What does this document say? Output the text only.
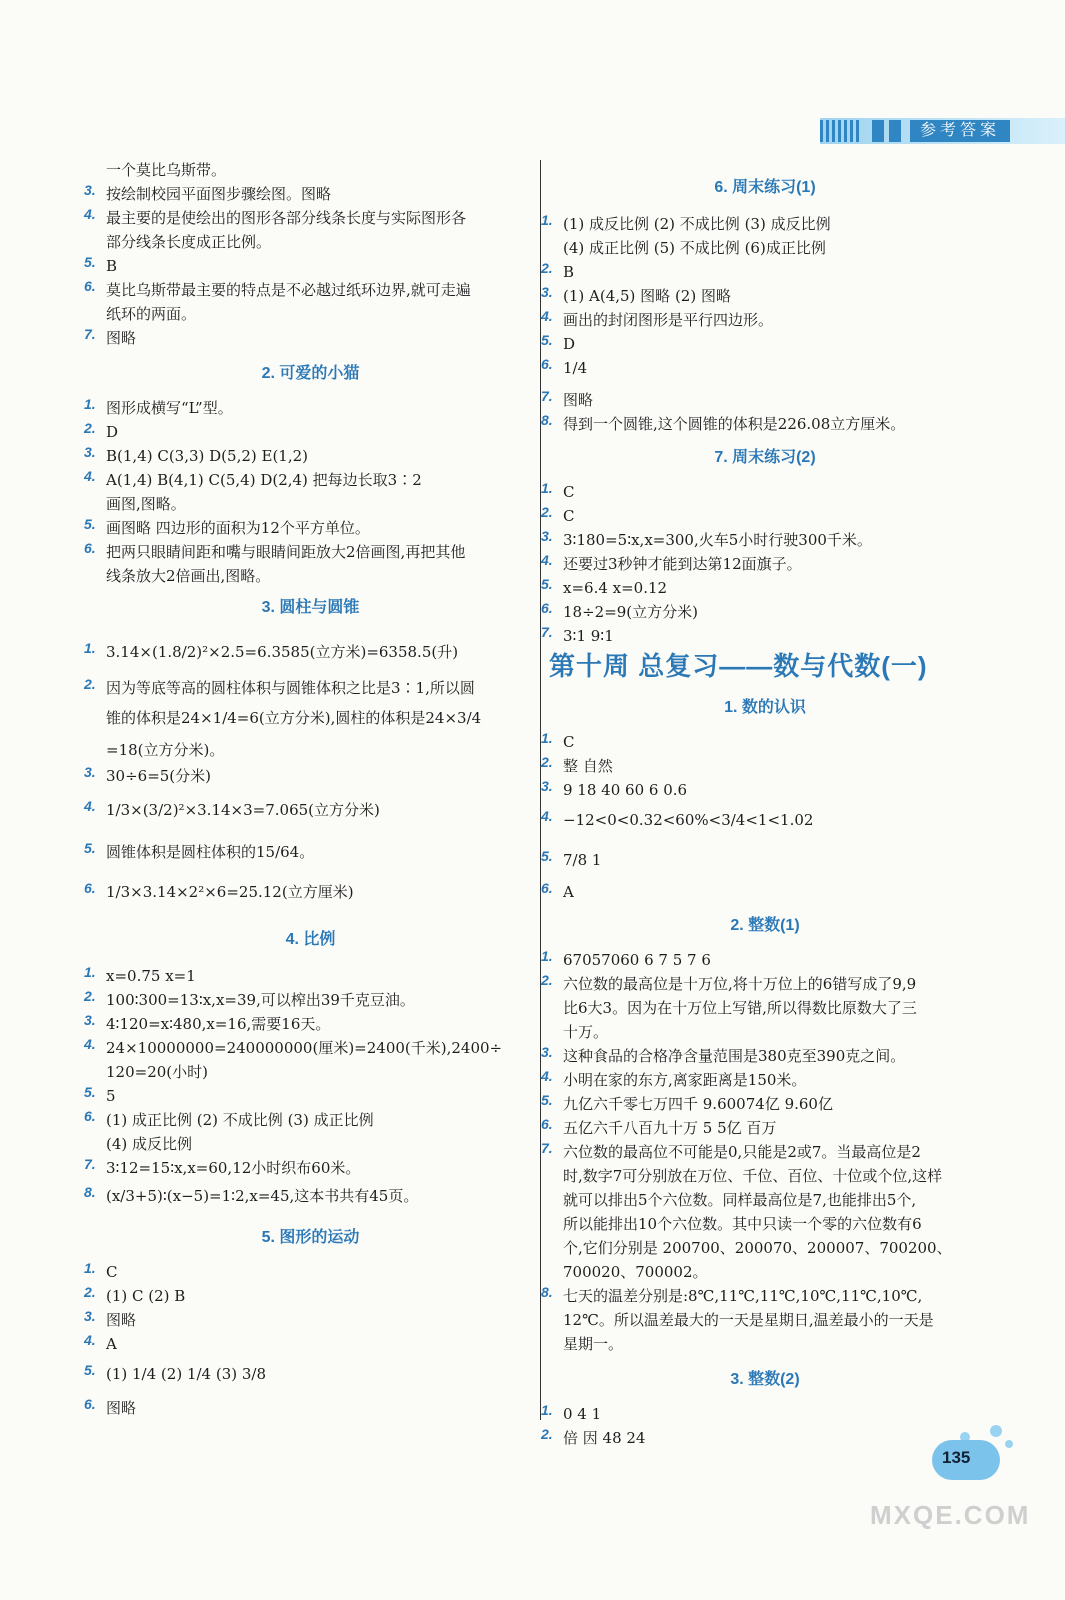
参考答案
一个莫比乌斯带。
3. 按绘制校园平面图步骤绘图。图略
4. 最主要的是使绘出的图形各部分线条长度与实际图形各
部分线条长度成正比例。
5. B
6. 莫比乌斯带最主要的特点是不必越过纸环边界,就可走遍
纸环的两面。
7. 图略
2. 可爱的小猫
1. 图形成横写“L”型。
2. D
3. B(1,4) C(3,3) D(5,2) E(1,2)
4. A(1,4) B(4,1) C(5,4) D(2,4) 把每边长取3∶2
画图,图略。
5. 画图略 四边形的面积为12个平方单位。
6. 把两只眼睛间距和嘴与眼睛间距放大2倍画图,再把其他
线条放大2倍画出,图略。
3. 圆柱与圆锥
1. 3.14×(1.8/2)²×2.5=6.3585(立方米)=6358.5(升)
2. 因为等底等高的圆柱体积与圆锥体积之比是3∶1,所以圆
锥的体积是24×1/4=6(立方分米),圆柱的体积是24×3/4
=18(立方分米)。
3. 30÷6=5(分米)
4. 1/3×(3/2)²×3.14×3=7.065(立方分米)
5. 圆锥体积是圆柱体积的15/64。
6. 1/3×3.14×2²×6=25.12(立方厘米)
4. 比例
1. x=0.75 x=1
2. 100∶300=13∶x,x=39,可以榨出39千克豆油。
3. 4∶120=x∶480,x=16,需要16天。
4. 24×10000000=240000000(厘米)=2400(千米),2400÷
120=20(小时)
5. 5
6. (1) 成正比例 (2) 不成比例 (3) 成正比例
(4) 成反比例
7. 3∶12=15∶x,x=60,12小时织布60米。
8. (x/3+5)∶(x−5)=1∶2,x=45,这本书共有45页。
5. 图形的运动
1. C
2. (1) C (2) B
3. 图略
4. A
5. (1) 1/4 (2) 1/4 (3) 3/8
6. 图略
6. 周末练习(1)
1. (1) 成反比例 (2) 不成比例 (3) 成反比例
(4) 成正比例 (5) 不成比例 (6)成正比例
2. B
3. (1) A(4,5) 图略 (2) 图略
4. 画出的封闭图形是平行四边形。
5. D
6. 1/4
7. 图略
8. 得到一个圆锥,这个圆锥的体积是226.08立方厘米。
7. 周末练习(2)
1. C
2. C
3. 3∶180=5∶x,x=300,火车5小时行驶300千米。
4. 还要过3秒钟才能到达第12面旗子。
5. x=6.4 x=0.12
6. 18÷2=9(立方分米)
7. 3∶1 9∶1
第十周 总复习——数与代数(一)
1. 数的认识
1. C
2. 整 自然
3. 9 18 40 60 6 0.6
4. −12<0<0.32<60%<3/4<1<1.02
5. 7/8 1
6. A
2. 整数(1)
1. 67057060 6 7 5 7 6
2. 六位数的最高位是十万位,将十万位上的6错写成了9,9
比6大3。因为在十万位上写错,所以得数比原数大了三
十万。
3. 这种食品的合格净含量范围是380克至390克之间。
4. 小明在家的东方,离家距离是150米。
5. 九亿六千零七万四千 9.60074亿 9.60亿
6. 五亿六千八百九十万 5 5亿 百万
7. 六位数的最高位不可能是0,只能是2或7。当最高位是2
时,数字7可分别放在万位、千位、百位、十位或个位,这样
就可以排出5个六位数。同样最高位是7,也能排出5个,
所以能排出10个六位数。其中只读一个零的六位数有6
个,它们分别是 200700、200070、200007、700200、
700020、700002。
8. 七天的温差分别是:8℃,11℃,11℃,10℃,11℃,10℃,
12℃。所以温差最大的一天是星期日,温差最小的一天是
星期一。
3. 整数(2)
1. 0 4 1
2. 倍 因 48 24
135
MXQE.COM
